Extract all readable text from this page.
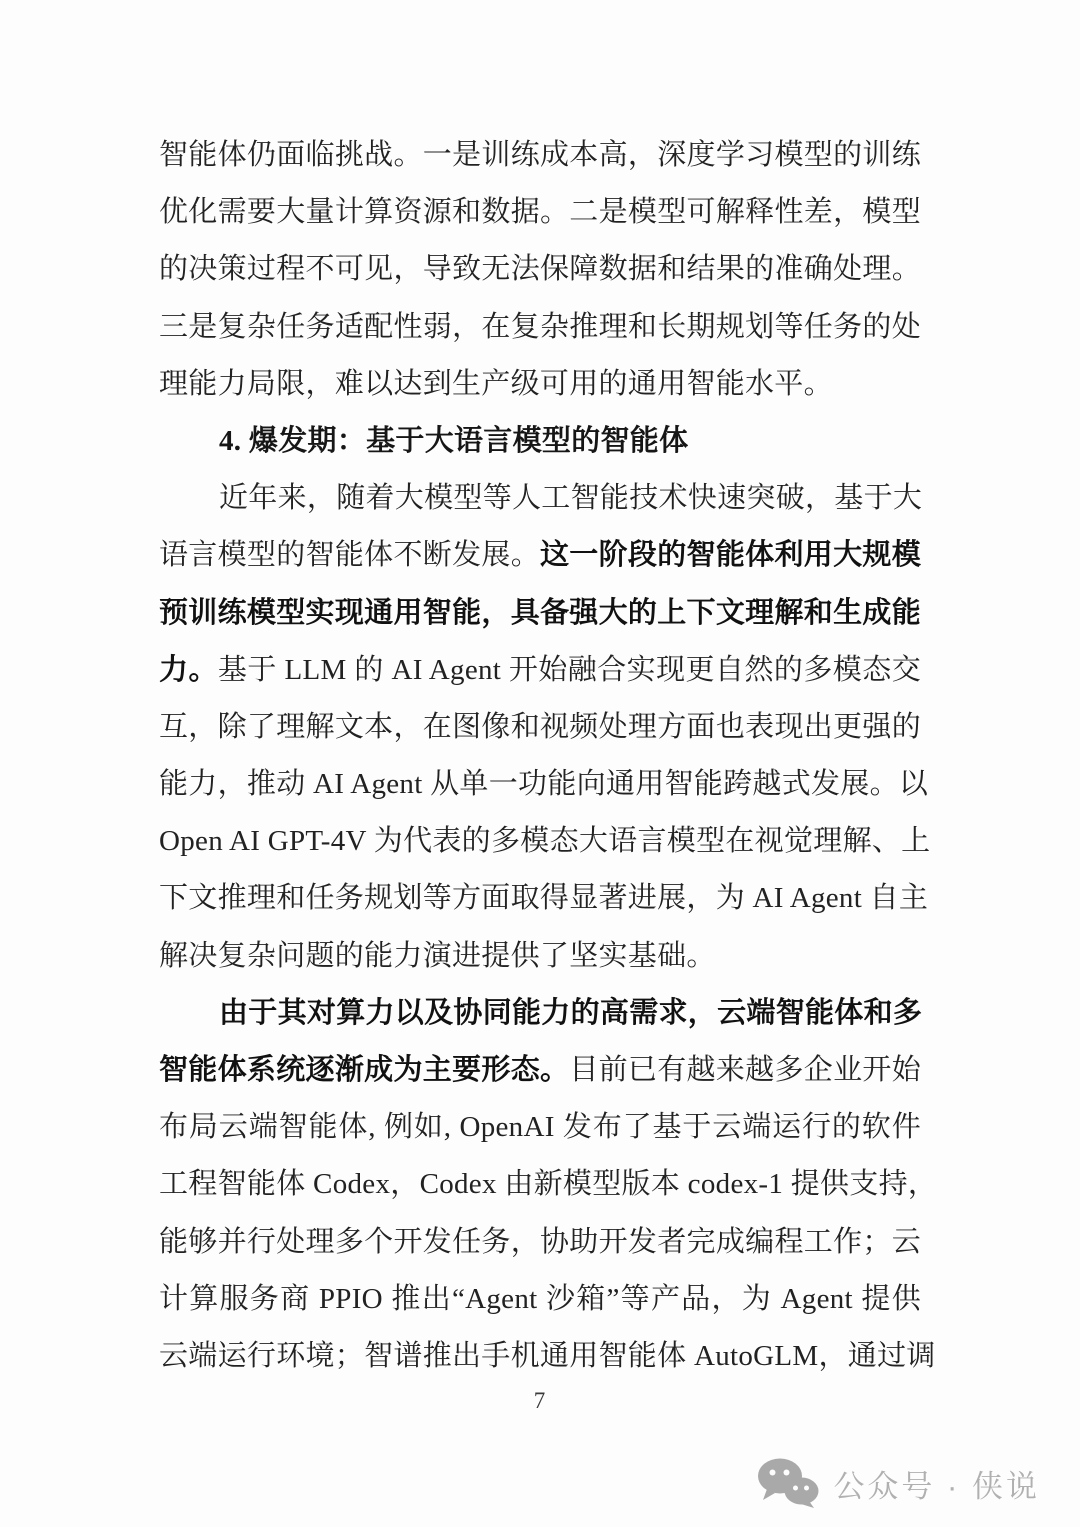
智能体仍面临挑战。一是训练成本高，深度学习模型的训练
优化需要大量计算资源和数据。二是模型可解释性差，模型
的决策过程不可见，导致无法保障数据和结果的准确处理。
三是复杂任务适配性弱，在复杂推理和长期规划等任务的处
理能力局限，难以达到生产级可用的通用智能水平。
4. 爆发期：基于大语言模型的智能体
近年来，随着大模型等人工智能技术快速突破，基于大
语言模型的智能体不断发展。这一阶段的智能体利用大规模
预训练模型实现通用智能，具备强大的上下文理解和生成能
力。基于 LLM 的 AI Agent 开始融合实现更自然的多模态交
互，除了理解文本，在图像和视频处理方面也表现出更强的
能力，推动 AI Agent 从单一功能向通用智能跨越式发展。以
Open AI GPT-4V 为代表的多模态大语言模型在视觉理解、上
下文推理和任务规划等方面取得显著进展，为 AI Agent 自主
解决复杂问题的能力演进提供了坚实基础。
由于其对算力以及协同能力的高需求，云端智能体和多
智能体系统逐渐成为主要形态。目前已有越来越多企业开始
布局云端智能体, 例如, OpenAI 发布了基于云端运行的软件
工程智能体 Codex，Codex 由新模型版本 codex-1 提供支持，
能够并行处理多个开发任务，协助开发者完成编程工作；云
计算服务商 PPIO 推出“Agent 沙箱”等产品，为 Agent 提供
云端运行环境；智谱推出手机通用智能体 AutoGLM，通过调
7
公众号 · 侠说
